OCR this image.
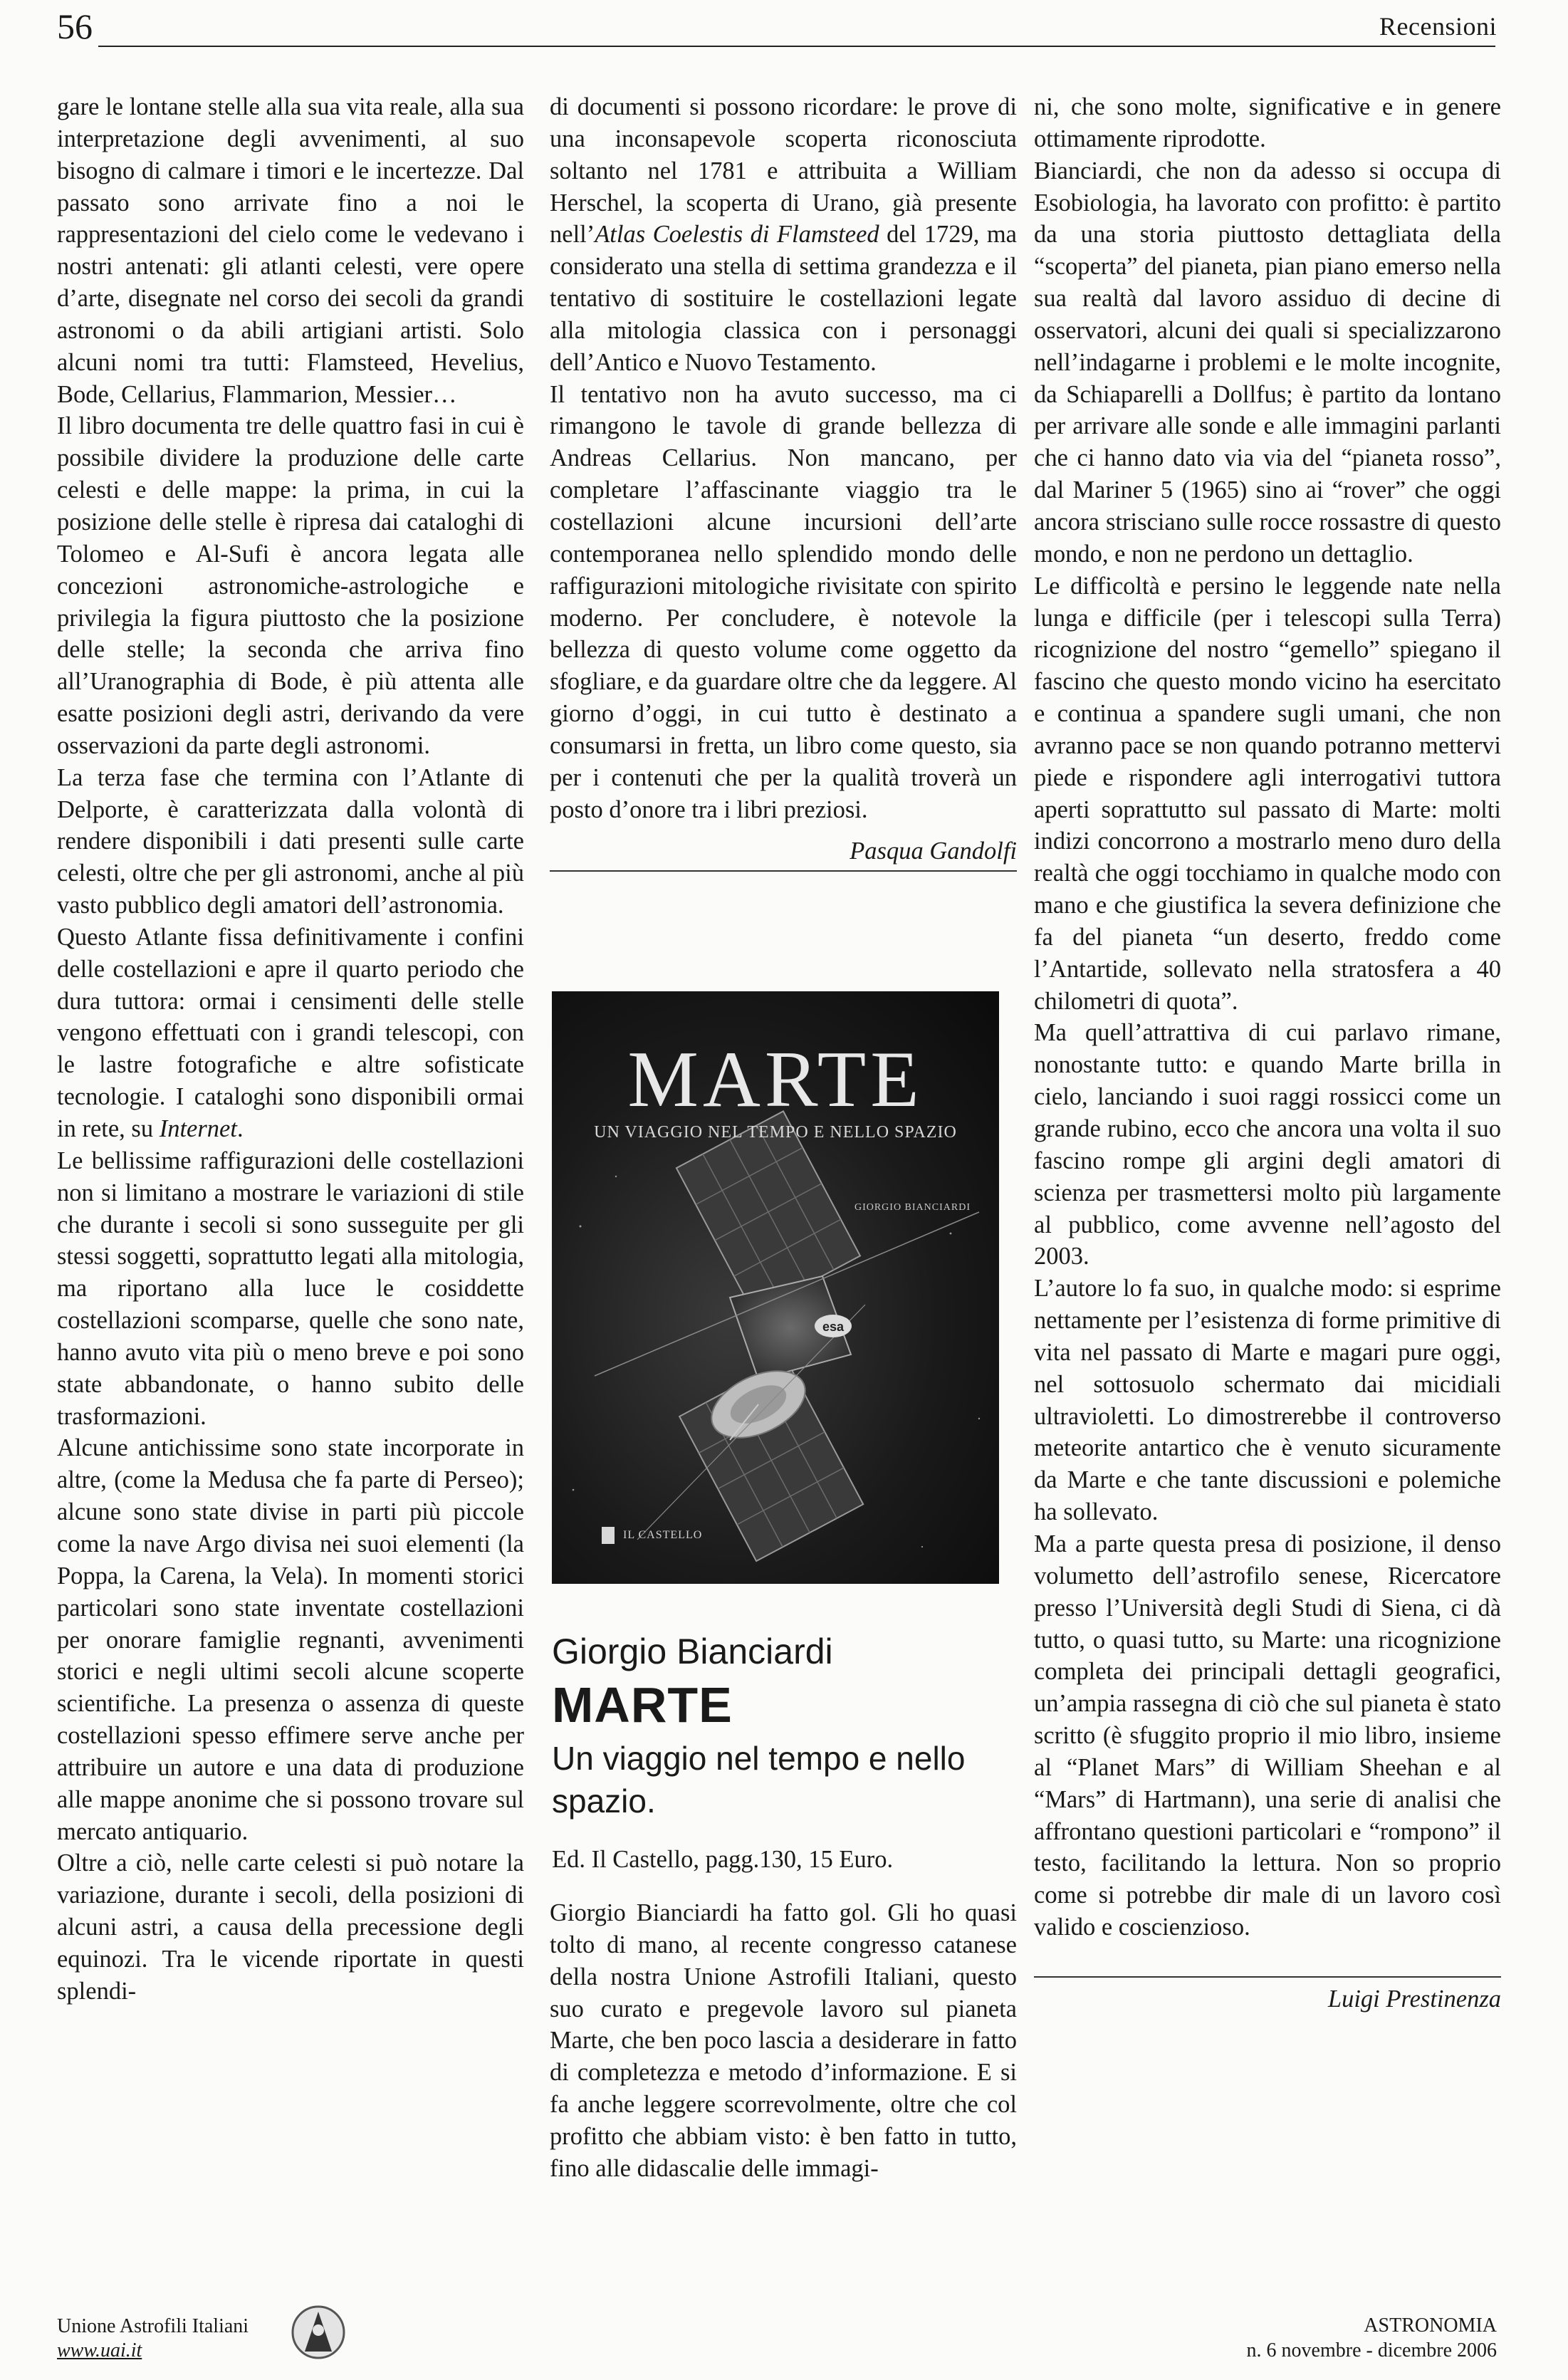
56	Recensioni

gare le lontane stelle alla sua vita reale, alla sua interpretazione degli avvenimenti, al suo bisogno di calmare i timori e le incertezze. Dal passato sono arrivate fino a noi le rappresentazioni del cielo come le vedevano i nostri antenati: gli atlanti celesti, vere opere d’arte, disegnate nel corso dei secoli da grandi astronomi o da abili artigiani artisti. Solo alcuni nomi tra tutti: Flamsteed, Hevelius, Bode, Cellarius, Flammarion, Messier…

Il libro documenta tre delle quattro fasi in cui è possibile dividere la produzione delle carte celesti e delle mappe: la prima, in cui la posizione delle stelle è ripresa dai cataloghi di Tolomeo e Al-Sufi è ancora legata alle concezioni astronomiche-astrologiche e privilegia la figura piuttosto che la posizione delle stelle; la seconda che arriva fino all’Uranographia di Bode, è più attenta alle esatte posizioni degli astri, derivando da vere osservazioni da parte degli astronomi.

La terza fase che termina con l’Atlante di Delporte, è caratterizzata dalla volontà di rendere disponibili i dati presenti sulle carte celesti, oltre che per gli astronomi, anche al più vasto pubblico degli amatori dell’astronomia.

Questo Atlante fissa definitivamente i confini delle costellazioni e apre il quarto periodo che dura tuttora: ormai i censimenti delle stelle vengono effettuati con i grandi telescopi, con le lastre fotografiche e altre sofisticate tecnologie. I cataloghi sono disponibili ormai in rete, su Internet.

Le bellissime raffigurazioni delle costellazioni non si limitano a mostrare le variazioni di stile che durante i secoli si sono susseguite per gli stessi soggetti, soprattutto legati alla mitologia, ma riportano alla luce le cosiddette costellazioni scomparse, quelle che sono nate, hanno avuto vita più o meno breve e poi sono state abbandonate, o hanno subito delle trasformazioni.

Alcune antichissime sono state incorporate in altre, (come la Medusa che fa parte di Perseo); alcune sono state divise in parti più piccole come la nave Argo divisa nei suoi elementi (la Poppa, la Carena, la Vela). In momenti storici particolari sono state inventate costellazioni per onorare famiglie regnanti, avvenimenti storici e negli ultimi secoli alcune scoperte scientifiche. La presenza o assenza di queste costellazioni spesso effimere serve anche per attribuire un autore e una data di produzione alle mappe anonime che si possono trovare sul mercato antiquario.

Oltre a ciò, nelle carte celesti si può notare la variazione, durante i secoli, della posizioni di alcuni astri, a causa della precessione degli equinozi. Tra le vicende riportate in questi splendi-

di documenti si possono ricordare: le prove di una inconsapevole scoperta riconosciuta soltanto nel 1781 e attribuita a William Herschel, la scoperta di Urano, già presente nell’Atlas Coelestis di Flamsteed del 1729, ma considerato una stella di settima grandezza e il tentativo di sostituire le costellazioni legate alla mitologia classica con i personaggi dell’Antico e Nuovo Testamento.

Il tentativo non ha avuto successo, ma ci rimangono le tavole di grande bellezza di Andreas Cellarius. Non mancano, per completare l’affascinante viaggio tra le costellazioni alcune incursioni dell’arte contemporanea nello splendido mondo delle raffigurazioni mitologiche rivisitate con spirito moderno. Per concludere, è notevole la bellezza di questo volume come oggetto da sfogliare, e da guardare oltre che da leggere. Al giorno d’oggi, in cui tutto è destinato a consumarsi in fretta, un libro come questo, sia per i contenuti che per la qualità troverà un posto d’onore tra i libri preziosi.

Pasqua Gandolfi
esa
MARTE
UN VIAGGIO NEL TEMPO E NELLO SPAZIO
GIORGIO BIANCIARDI
IL CASTELLO
Giorgio Bianciardi
MARTE
Un viaggio nel tempo e nello spazio.
Ed. Il Castello, pagg.130, 15 Euro.

Giorgio Bianciardi ha fatto gol. Gli ho quasi tolto di mano, al recente congresso catanese della nostra Unione Astrofili Italiani, questo suo curato e pregevole lavoro sul pianeta Marte, che ben poco lascia a desiderare in fatto di completezza e metodo d’informazione. E si fa anche leggere scorrevolmente, oltre che col profitto che abbiam visto: è ben fatto in tutto, fino alle didascalie delle immagi-

ni, che sono molte, significative e in genere ottimamente riprodotte.

Bianciardi, che non da adesso si occupa di Esobiologia, ha lavorato con profitto: è partito da una storia piuttosto dettagliata della “scoperta” del pianeta, pian piano emerso nella sua realtà dal lavoro assiduo di decine di osservatori, alcuni dei quali si specializzarono nell’indagarne i problemi e le molte incognite, da Schiaparelli a Dollfus; è partito da lontano per arrivare alle sonde e alle immagini parlanti che ci hanno dato via via del “pianeta rosso”, dal Mariner 5 (1965) sino ai “rover” che oggi ancora strisciano sulle rocce rossastre di questo mondo, e non ne perdono un dettaglio.

Le difficoltà e persino le leggende nate nella lunga e difficile (per i telescopi sulla Terra) ricognizione del nostro “gemello” spiegano il fascino che questo mondo vicino ha esercitato e continua a spandere sugli umani, che non avranno pace se non quando potranno mettervi piede e rispondere agli interrogativi tuttora aperti soprattutto sul passato di Marte: molti indizi concorrono a mostrarlo meno duro della realtà che oggi tocchiamo in qualche modo con mano e che giustifica la severa definizione che fa del pianeta “un deserto, freddo come l’Antartide, sollevato nella stratosfera a 40 chilometri di quota”.

Ma quell’attrattiva di cui parlavo rimane, nonostante tutto: e quando Marte brilla in cielo, lanciando i suoi raggi rossicci come un grande rubino, ecco che ancora una volta il suo fascino rompe gli argini degli amatori di scienza per trasmettersi molto più largamente al pubblico, come avvenne nell’agosto del 2003.

L’autore lo fa suo, in qualche modo: si esprime nettamente per l’esistenza di forme primitive di vita nel passato di Marte e magari pure oggi, nel sottosuolo schermato dai micidiali ultravioletti. Lo dimostrerebbe il controverso meteorite antartico che è venuto sicuramente da Marte e che tante discussioni e polemiche ha sollevato.

Ma a parte questa presa di posizione, il denso volumetto dell’astrofilo senese, Ricercatore presso l’Università degli Studi di Siena, ci dà tutto, o quasi tutto, su Marte: una ricognizione completa dei principali dettagli geografici, un’ampia rassegna di ciò che sul pianeta è stato scritto (è sfuggito proprio il mio libro, insieme al “Planet Mars” di William Sheehan e al “Mars” di Hartmann), una serie di analisi che affrontano questioni particolari e “rompono” il testo, facilitando la lettura. Non so proprio come si potrebbe dir male di un lavoro così valido e coscienzioso.

Luigi Prestinenza
Unione Astrofili Italiani
www.uai.it
ASTRONOMIA
n. 6 novembre - dicembre 2006
